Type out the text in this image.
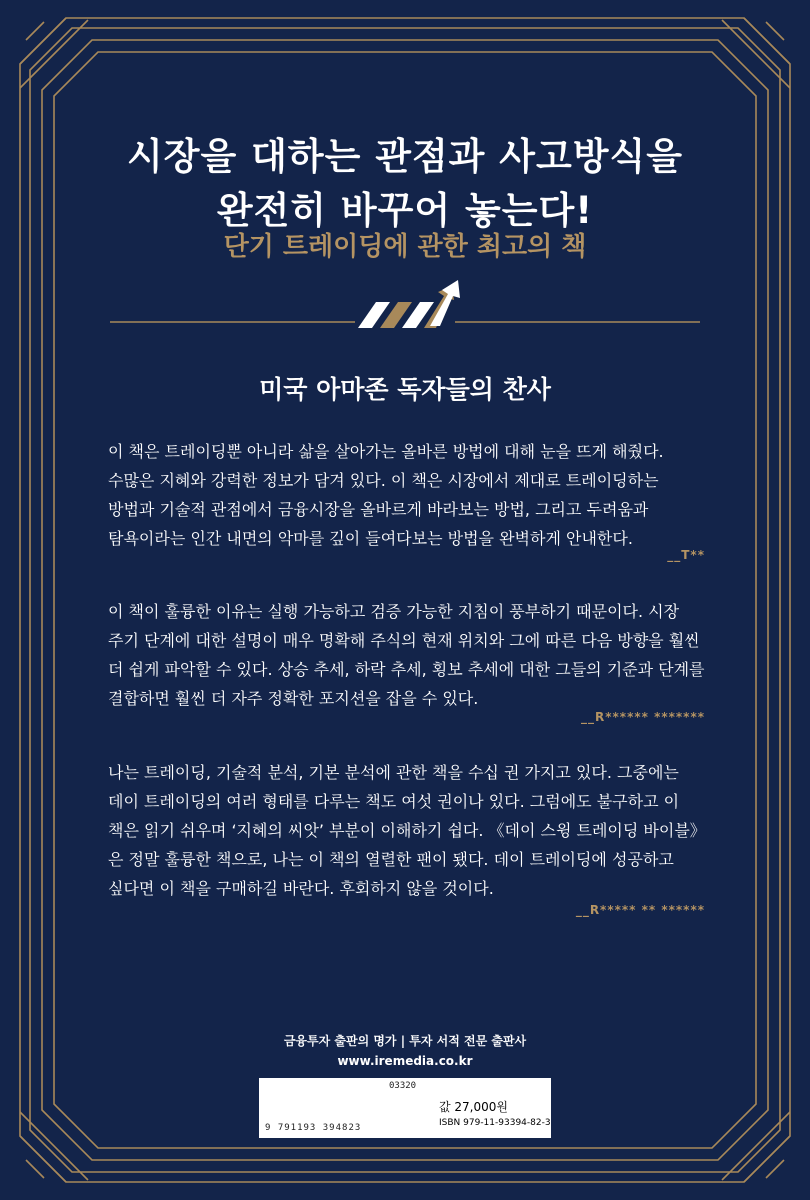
시장을 대하는 관점과 사고방식을
완전히 바꾸어 놓는다!
단기 트레이딩에 관한 최고의 책
미국 아마존 독자들의 찬사

이 책은 트레이딩뿐 아니라 삶을 살아가는 올바른 방법에 대해 눈을 뜨게 해줬다. 수많은 지혜와 강력한 정보가 담겨 있다. 이 책은 시장에서 제대로 트레이딩하는 방법과 기술적 관점에서 금융시장을 올바르게 바라보는 방법, 그리고 두려움과 탐욕이라는 인간 내면의 악마를 깊이 들여다보는 방법을 완벽하게 안내한다.

__T**

이 책이 훌륭한 이유는 실행 가능하고 검증 가능한 지침이 풍부하기 때문이다. 시장 주기 단계에 대한 설명이 매우 명확해 주식의 현재 위치와 그에 따른 다음 방향을 훨씬 더 쉽게 파악할 수 있다. 상승 추세, 하락 추세, 횡보 추세에 대한 그들의 기준과 단계를 결합하면 훨씬 더 자주 정확한 포지션을 잡을 수 있다.

__R****** *******

나는 트레이딩, 기술적 분석, 기본 분석에 관한 책을 수십 권 가지고 있다. 그중에는 데이 트레이딩의 여러 형태를 다루는 책도 여섯 권이나 있다. 그럼에도 불구하고 이 책은 읽기 쉬우며 ‘지혜의 씨앗’ 부분이 이해하기 쉽다. 《데이 스윙 트레이딩 바이블》은 정말 훌륭한 책으로, 나는 이 책의 열렬한 팬이 됐다. 데이 트레이딩에 성공하고 싶다면 이 책을 구매하길 바란다. 후회하지 않을 것이다.

__R***** ** ******
금융투자 출판의 명가 | 투자 서적 전문 출판사
www.iremedia.co.kr
03320
9 791193 394823
값 27,000원
ISBN 979-11-93394-82-3
